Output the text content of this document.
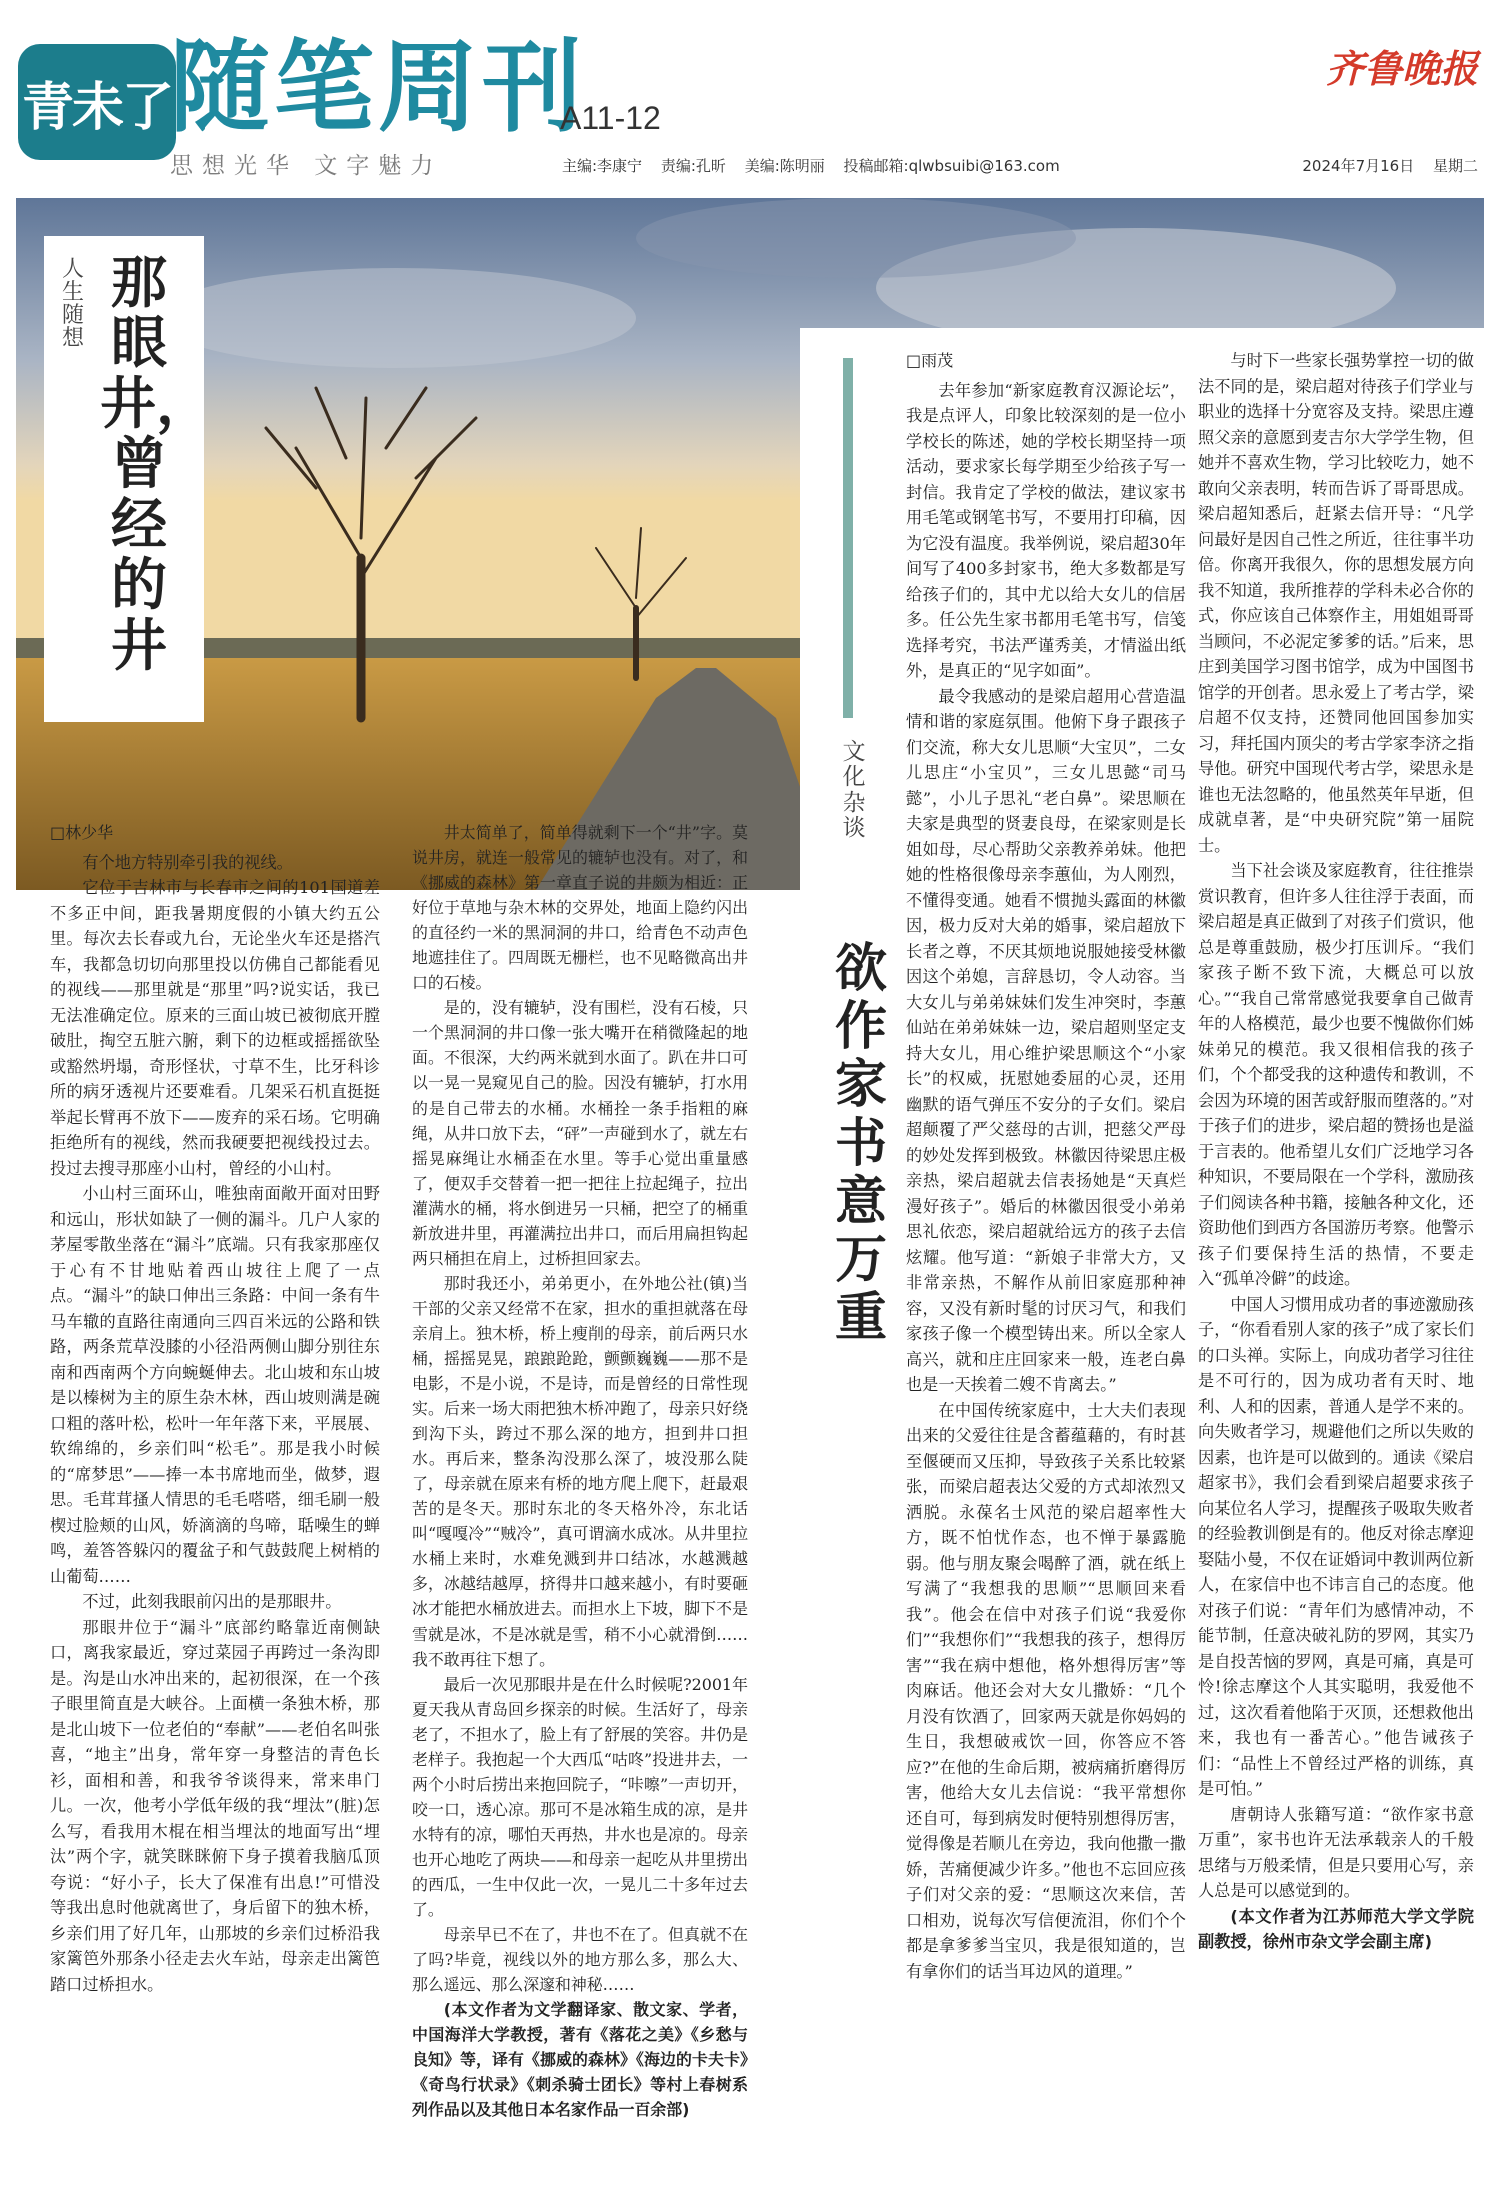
青未了
随笔周刊
A11-12
思想光华 文字魅力	主编:李康宁 责编:孔昕 美编:陈明丽 投稿邮箱:qlwbsuibi@163.com	2024年7月16日 星期二
齐鲁晚报
人生随想
那眼井，曾经的井
□林少华

有个地方特别牵引我的视线。

它位于吉林市与长春市之间的101国道差不多正中间，距我暑期度假的小镇大约五公里。每次去长春或九台，无论坐火车还是搭汽车，我都急切切向那里投以仿佛自己都能看见的视线——那里就是“那里”吗?说实话，我已无法准确定位。原来的三面山坡已被彻底开膛破肚，掏空五脏六腑，剩下的边框或摇摇欲坠或豁然坍塌，奇形怪状，寸草不生，比牙科诊所的病牙透视片还要难看。几架采石机直挺挺举起长臂再不放下——废弃的采石场。它明确拒绝所有的视线，然而我硬要把视线投过去。投过去搜寻那座小山村，曾经的小山村。

小山村三面环山，唯独南面敞开面对田野和远山，形状如缺了一侧的漏斗。几户人家的茅屋零散坐落在“漏斗”底端。只有我家那座仅于心有不甘地贴着西山坡往上爬了一点点。“漏斗”的缺口伸出三条路：中间一条有牛马车辙的直路往南通向三四百米远的公路和铁路，两条荒草没膝的小径沿两侧山脚分别往东南和西南两个方向蜿蜒伸去。北山坡和东山坡是以榛树为主的原生杂木林，西山坡则满是碗口粗的落叶松，松叶一年年落下来，平展展、软绵绵的，乡亲们叫“松毛”。那是我小时候的“席梦思”——捧一本书席地而坐，做梦，遐思。毛茸茸搔人情思的毛毛嗒嗒，细毛刷一般楔过脸颊的山风，娇滴滴的鸟啼，聒噪生的蝉鸣，羞答答躲闪的覆盆子和气鼓鼓爬上树梢的山葡萄……

不过，此刻我眼前闪出的是那眼井。

那眼井位于“漏斗”底部约略靠近南侧缺口，离我家最近，穿过菜园子再跨过一条沟即是。沟是山水冲出来的，起初很深，在一个孩子眼里简直是大峡谷。上面横一条独木桥，那是北山坡下一位老伯的“奉献”——老伯名叫张喜，“地主”出身，常年穿一身整洁的青色长衫，面相和善，和我爷爷谈得来，常来串门儿。一次，他考小学低年级的我“埋汰”(脏)怎么写，看我用木棍在相当埋汰的地面写出“埋汰”两个字，就笑眯眯俯下身子摸着我脑瓜顶夸说：“好小子，长大了保准有出息!”可惜没等我出息时他就离世了，身后留下的独木桥，乡亲们用了好几年，山那坡的乡亲们过桥沿我家篱笆外那条小径走去火车站，母亲走出篱笆踏口过桥担水。

井太简单了，简单得就剩下一个“井”字。莫说井房，就连一般常见的辘轳也没有。对了，和《挪威的森林》第一章直子说的井颇为相近：正好位于草地与杂木林的交界处，地面上隐约闪出的直径约一米的黑洞洞的井口，给青色不动声色地遮挂住了。四周既无栅栏，也不见略微高出井口的石棱。

是的，没有辘轳，没有围栏，没有石棱，只一个黑洞洞的井口像一张大嘴开在稍微隆起的地面。不很深，大约两米就到水面了。趴在井口可以一晃一晃窥见自己的脸。因没有辘轳，打水用的是自己带去的水桶。水桶拴一条手指粗的麻绳，从井口放下去，“砰”一声碰到水了，就左右摇晃麻绳让水桶歪在水里。等手心觉出重量感了，便双手交替着一把一把往上拉起绳子，拉出灌满水的桶，将水倒进另一只桶，把空了的桶重新放进井里，再灌满拉出井口，而后用扁担钩起两只桶担在肩上，过桥担回家去。

那时我还小，弟弟更小，在外地公社(镇)当干部的父亲又经常不在家，担水的重担就落在母亲肩上。独木桥，桥上瘦削的母亲，前后两只水桶，摇摇晃晃，踉踉跄跄，颤颤巍巍——那不是电影，不是小说，不是诗，而是曾经的日常性现实。后来一场大雨把独木桥冲跑了，母亲只好绕到沟下头，跨过不那么深的地方，担到井口担水。再后来，整条沟没那么深了，坡没那么陡了，母亲就在原来有桥的地方爬上爬下，赶最艰苦的是冬天。那时东北的冬天格外冷，东北话叫“嘎嘎冷”“贼冷”，真可谓滴水成冰。从井里拉水桶上来时，水难免溅到井口结冰，水越溅越多，冰越结越厚，挤得井口越来越小，有时要砸冰才能把水桶放进去。而担水上下坡，脚下不是雪就是冰，不是冰就是雪，稍不小心就滑倒……我不敢再往下想了。

最后一次见那眼井是在什么时候呢?2001年夏天我从青岛回乡探亲的时候。生活好了，母亲老了，不担水了，脸上有了舒展的笑容。井仍是老样子。我抱起一个大西瓜“咕咚”投进井去，一两个小时后捞出来抱回院子，“咔嚓”一声切开，咬一口，透心凉。那可不是冰箱生成的凉，是井水特有的凉，哪怕天再热，井水也是凉的。母亲也开心地吃了两块——和母亲一起吃从井里捞出的西瓜，一生中仅此一次，一晃儿二十多年过去了。

母亲早已不在了，井也不在了。但真就不在了吗?毕竟，视线以外的地方那么多，那么大、那么遥远、那么深邃和神秘……

(本文作者为文学翻译家、散文家、学者，中国海洋大学教授，著有《落花之美》《乡愁与良知》等，译有《挪威的森林》《海边的卡夫卡》《奇鸟行状录》《刺杀骑士团长》等村上春树系列作品以及其他日本名家作品一百余部)

文化杂谈
欲作家书意万重
□雨茂

去年参加“新家庭教育汉源论坛”，我是点评人，印象比较深刻的是一位小学校长的陈述，她的学校长期坚持一项活动，要求家长每学期至少给孩子写一封信。我肯定了学校的做法，建议家书用毛笔或钢笔书写，不要用打印稿，因为它没有温度。我举例说，梁启超30年间写了400多封家书，绝大多数都是写给孩子们的，其中尤以给大女儿的信居多。任公先生家书都用毛笔书写，信笺选择考究，书法严谨秀美，才情溢出纸外，是真正的“见字如面”。

最令我感动的是梁启超用心营造温情和谐的家庭氛围。他俯下身子跟孩子们交流，称大女儿思顺“大宝贝”，二女儿思庄“小宝贝”，三女儿思懿“司马懿”，小儿子思礼“老白鼻”。梁思顺在夫家是典型的贤妻良母，在梁家则是长姐如母，尽心帮助父亲教养弟妹。他把她的性格很像母亲李蕙仙，为人刚烈，不懂得变通。她看不惯抛头露面的林徽因，极力反对大弟的婚事，梁启超放下长者之尊，不厌其烦地说服她接受林徽因这个弟媳，言辞恳切，令人动容。当大女儿与弟弟妹妹们发生冲突时，李蕙仙站在弟弟妹妹一边，梁启超则坚定支持大女儿，用心维护梁思顺这个“小家长”的权威，抚慰她委屈的心灵，还用幽默的语气弹压不安分的子女们。梁启超颠覆了严父慈母的古训，把慈父严母的妙处发挥到极致。林徽因待梁思庄极亲热，梁启超就去信表扬她是“天真烂漫好孩子”。婚后的林徽因很受小弟弟思礼依恋，梁启超就给远方的孩子去信炫耀。他写道：“新娘子非常大方，又非常亲热，不解作从前旧家庭那种神容，又没有新时髦的讨厌习气，和我们家孩子像一个模型铸出来。所以全家人高兴，就和庄庄回家来一般，连老白鼻也是一天挨着二嫂不肯离去。”

在中国传统家庭中，士大夫们表现出来的父爱往往是含蓄蕴藉的，有时甚至偃硬而又压抑，导致孩子关系比较紧张，而梁启超表达父爱的方式却浓烈又洒脱。永葆名士风范的梁启超率性大方，既不怕忧作态，也不惮于暴露脆弱。他与朋友聚会喝醉了酒，就在纸上写满了“我想我的思顺”“思顺回来看我”。他会在信中对孩子们说“我爱你们”“我想你们”“我想我的孩子，想得厉害”“我在病中想他，格外想得厉害”等肉麻话。他还会对大女儿撒娇：“几个月没有饮酒了，回家两天就是你妈妈的生日，我想破戒饮一回，你答应不答应?”在他的生命后期，被病痛折磨得厉害，他给大女儿去信说：“我平常想你还自可，每到病发时便特别想得厉害，觉得像是若顺儿在旁边，我向他撒一撒娇，苦痛便减少许多。”他也不忘回应孩子们对父亲的爱：“思顺这次来信，苦口相劝，说每次写信便流泪，你们个个都是拿爹爹当宝贝，我是很知道的，岂有拿你们的话当耳边风的道理。”

与时下一些家长强势掌控一切的做法不同的是，梁启超对待孩子们学业与职业的选择十分宽容及支持。梁思庄遵照父亲的意愿到麦吉尔大学学生物，但她并不喜欢生物，学习比较吃力，她不敢向父亲表明，转而告诉了哥哥思成。梁启超知悉后，赶紧去信开导：“凡学问最好是因自己性之所近，往往事半功倍。你离开我很久，你的思想发展方向我不知道，我所推荐的学科未必合你的式，你应该自己体察作主，用姐姐哥哥当顾问，不必泥定爹爹的话。”后来，思庄到美国学习图书馆学，成为中国图书馆学的开创者。思永爱上了考古学，梁启超不仅支持，还赞同他回国参加实习，拜托国内顶尖的考古学家李济之指导他。研究中国现代考古学，梁思永是谁也无法忽略的，他虽然英年早逝，但成就卓著，是“中央研究院”第一届院士。

当下社会谈及家庭教育，往往推崇赏识教育，但许多人往往浮于表面，而梁启超是真正做到了对孩子们赏识，他总是尊重鼓励，极少打压训斥。“我们家孩子断不致下流，大概总可以放心。”“我自己常常感觉我要拿自己做青年的人格模范，最少也要不愧做你们姊妹弟兄的模范。我又很相信我的孩子们，个个都受我的这种遗传和教训，不会因为环境的困苦或舒服而堕落的。”对于孩子们的进步，梁启超的赞扬也是溢于言表的。他希望儿女们广泛地学习各种知识，不要局限在一个学科，激励孩子们阅读各种书籍，接触各种文化，还资助他们到西方各国游历考察。他警示孩子们要保持生活的热情，不要走入“孤单冷僻”的歧途。

中国人习惯用成功者的事迹激励孩子，“你看看别人家的孩子”成了家长们的口头禅。实际上，向成功者学习往往是不可行的，因为成功者有天时、地利、人和的因素，普通人是学不来的。向失败者学习，规避他们之所以失败的因素，也许是可以做到的。通读《梁启超家书》，我们会看到梁启超要求孩子向某位名人学习，提醒孩子吸取失败者的经验教训倒是有的。他反对徐志摩迎娶陆小曼，不仅在证婚词中教训两位新人，在家信中也不讳言自己的态度。他对孩子们说：“青年们为感情冲动，不能节制，任意决破礼防的罗网，其实乃是自投苦恼的罗网，真是可痛，真是可怜!徐志摩这个人其实聪明，我爱他不过，这次看着他陷于灭顶，还想救他出来，我也有一番苦心。”他告诫孩子们：“品性上不曾经过严格的训练，真是可怕。”

唐朝诗人张籍写道：“欲作家书意万重”，家书也许无法承载亲人的千般思绪与万般柔情，但是只要用心写，亲人总是可以感觉到的。

(本文作者为江苏师范大学文学院副教授，徐州市杂文学会副主席)
